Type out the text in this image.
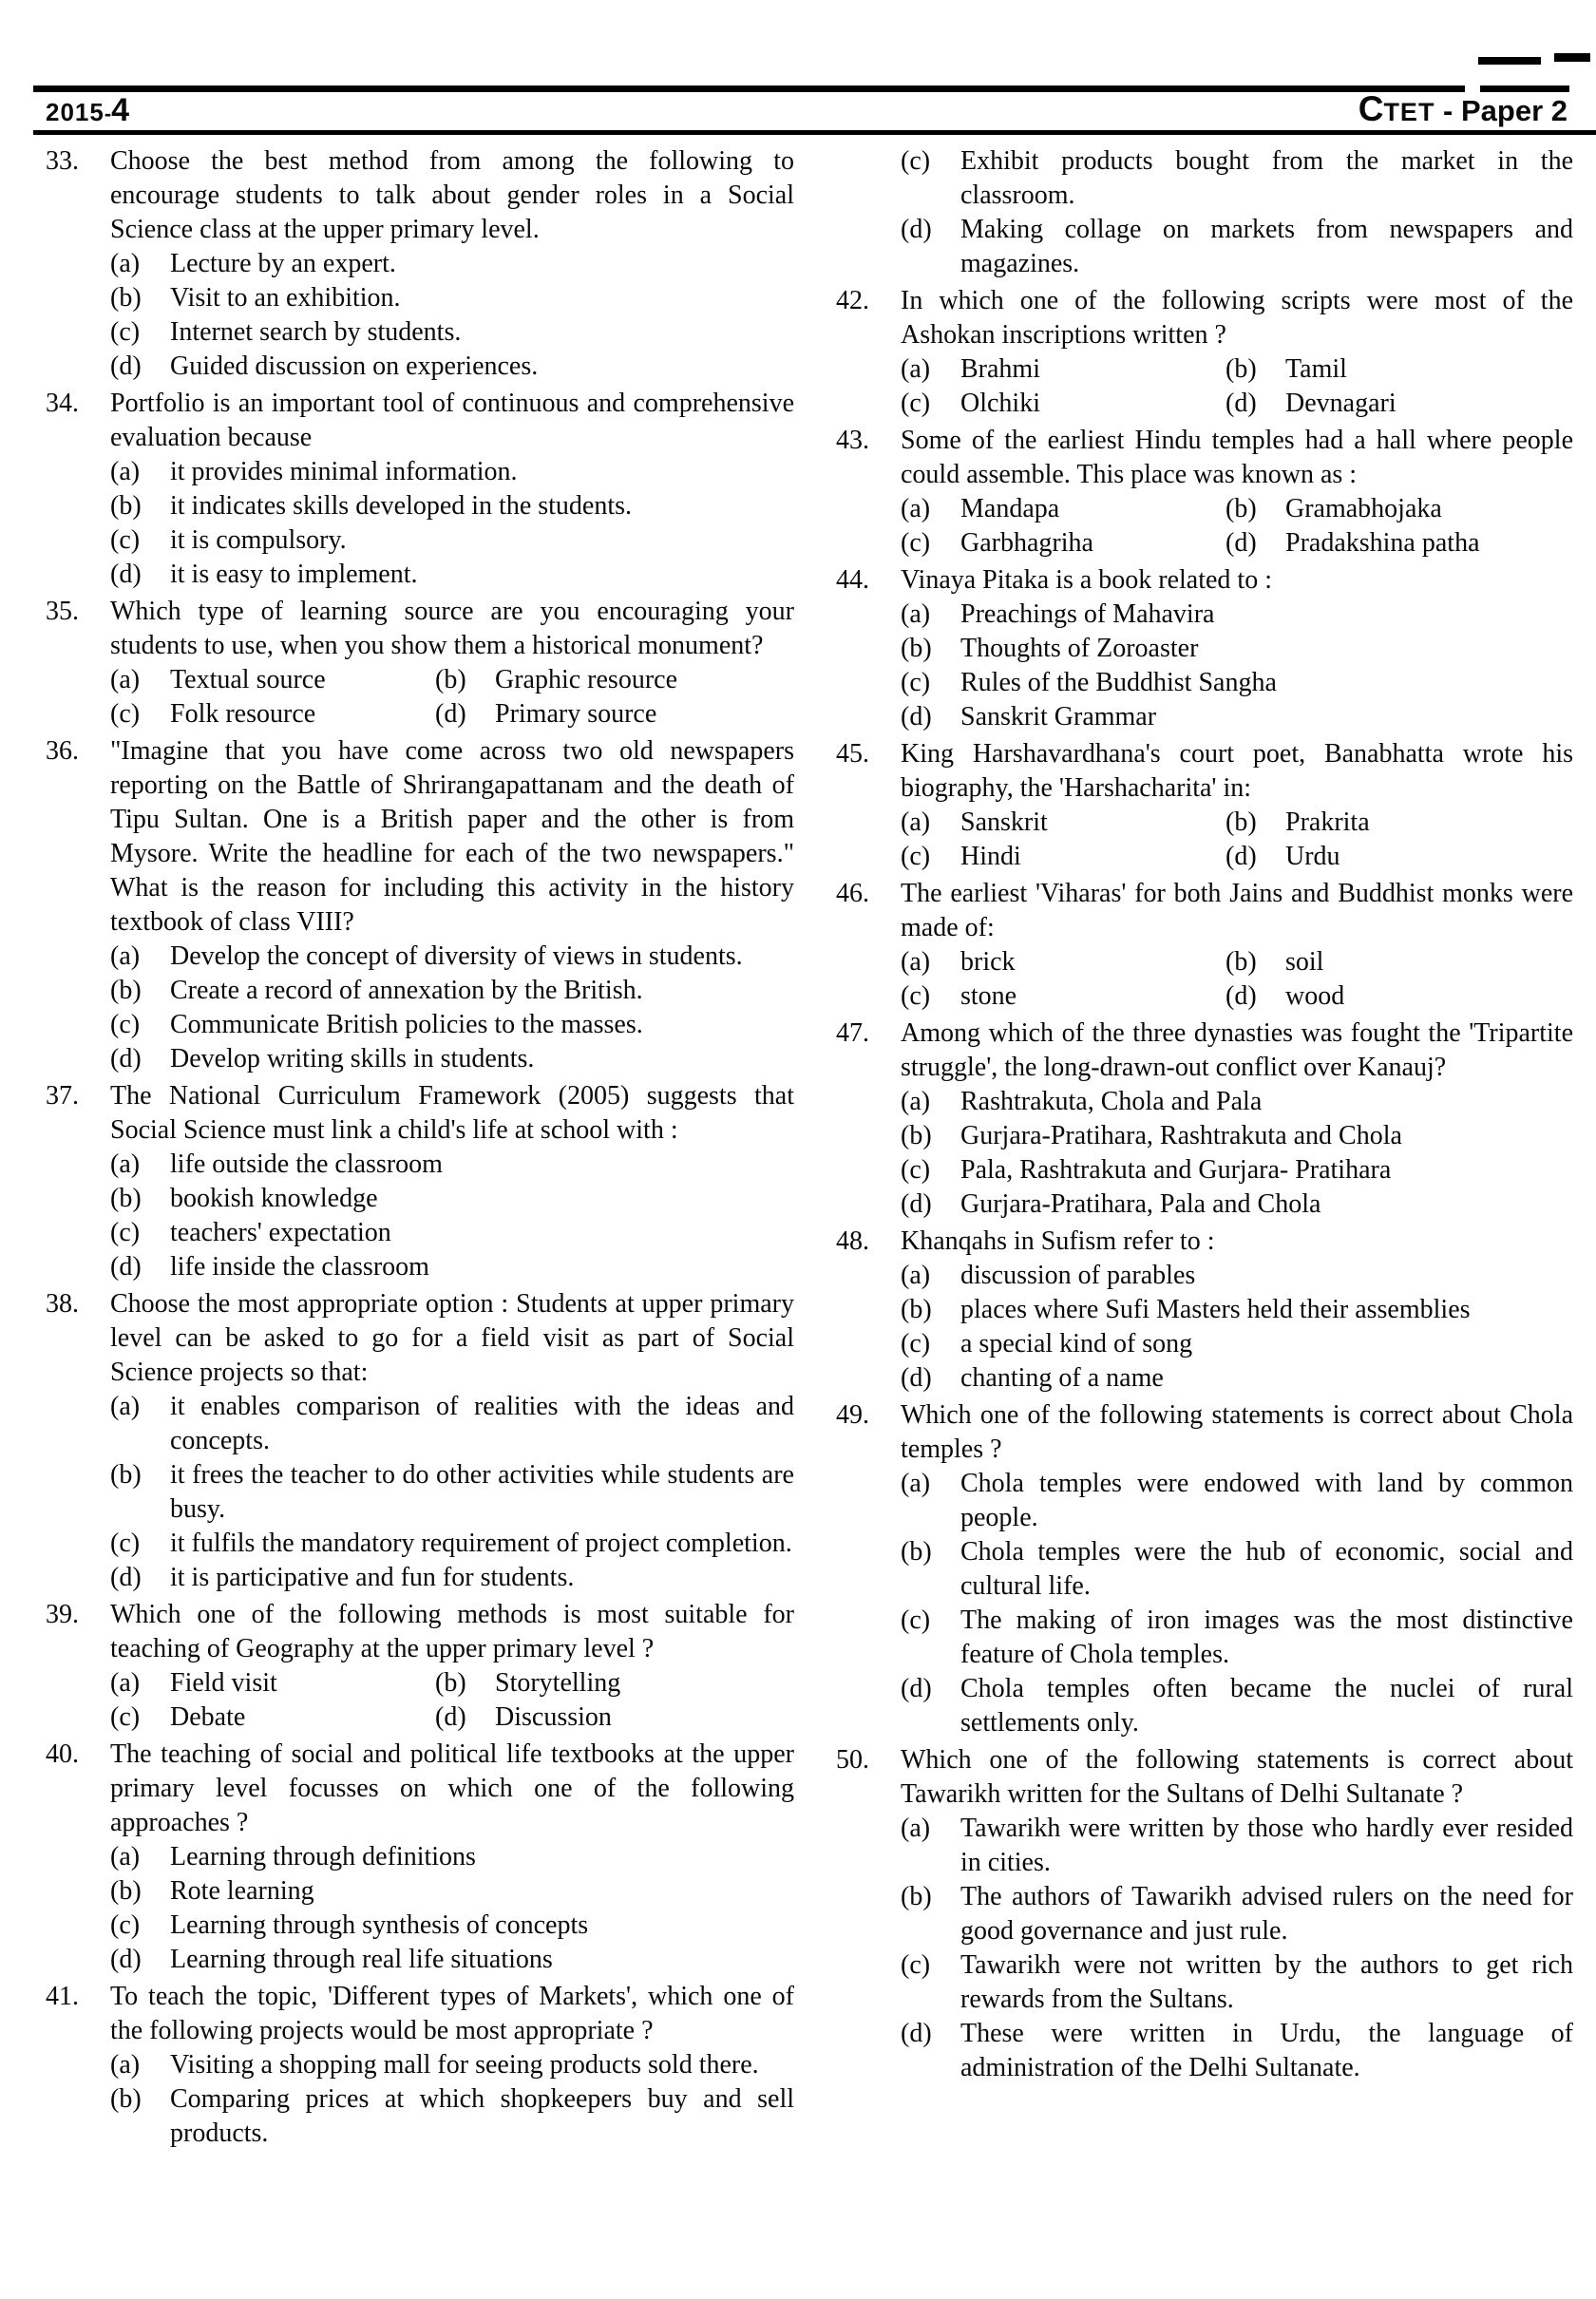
2015-4	CTET - Paper 2
33.	Choose the best method from among the following to encourage students to talk about gender roles in a Social Science class at the upper primary level.
(a)	Lecture by an expert.
(b)	Visit to an exhibition.
(c)	Internet search by students.
(d)	Guided discussion on experiences.
34.	Portfolio is an important tool of continuous and comprehensive evaluation because
(a)	it provides minimal information.
(b)	it indicates skills developed in the students.
(c)	it is compulsory.
(d)	it is easy to implement.
35.	Which type of learning source are you encouraging your students to use, when you show them a historical monument?
(a)	Textual source	(b)	Graphic resource
(c)	Folk resource	(d)	Primary source
36.	"Imagine that you have come across two old newspapers reporting on the Battle of Shrirangapattanam and the death of Tipu Sultan. One is a British paper and the other is from Mysore. Write the headline for each of the two newspapers." What is the reason for including this activity in the history textbook of class VIII?
(a)	Develop the concept of diversity of views in students.
(b)	Create a record of annexation by the British.
(c)	Communicate British policies to the masses.
(d)	Develop writing skills in students.
37.	The National Curriculum Framework (2005) suggests that Social Science must link a child's life at school with :
(a)	life outside the classroom
(b)	bookish knowledge
(c)	teachers' expectation
(d)	life inside the classroom
38.	Choose the most appropriate option : Students at upper primary level can be asked to go for a field visit as part of Social Science projects so that:
(a)	it enables comparison of realities with the ideas and concepts.
(b)	it frees the teacher to do other activities while students are busy.
(c)	it fulfils the mandatory requirement of project completion.
(d)	it is participative and fun for students.
39.	Which one of the following methods is most suitable for teaching of Geography at the upper primary level ?
(a)	Field visit	(b)	Storytelling
(c)	Debate	(d)	Discussion
40.	The teaching of social and political life textbooks at the upper primary level focusses on which one of the following approaches ?
(a)	Learning through definitions
(b)	Rote learning
(c)	Learning through synthesis of concepts
(d)	Learning through real life situations
41.	To teach the topic, 'Different types of Markets', which one of the following projects would be most appropriate ?
(a)	Visiting a shopping mall for seeing products sold there.
(b)	Comparing prices at which shopkeepers buy and sell products.
(c)	Exhibit products bought from the market in the classroom.
(d)	Making collage on markets from newspapers and magazines.
42.	In which one of the following scripts were most of the Ashokan inscriptions written ?
(a)	Brahmi	(b)	Tamil
(c)	Olchiki	(d)	Devnagari
43.	Some of the earliest Hindu temples had a hall where people could assemble. This place was known as :
(a)	Mandapa	(b)	Gramabhojaka
(c)	Garbhagriha	(d)	Pradakshina patha
44.	Vinaya Pitaka is a book related to :
(a)	Preachings of Mahavira
(b)	Thoughts of Zoroaster
(c)	Rules of the Buddhist Sangha
(d)	Sanskrit Grammar
45.	King Harshavardhana's court poet, Banabhatta wrote his biography, the 'Harshacharita' in:
(a)	Sanskrit	(b)	Prakrita
(c)	Hindi	(d)	Urdu
46.	The earliest 'Viharas' for both Jains and Buddhist monks were made of:
(a)	brick	(b)	soil
(c)	stone	(d)	wood
47.	Among which of the three dynasties was fought the 'Tripartite struggle', the long-drawn-out conflict over Kanauj?
(a)	Rashtrakuta, Chola and Pala
(b)	Gurjara-Pratihara, Rashtrakuta and Chola
(c)	Pala, Rashtrakuta and Gurjara- Pratihara
(d)	Gurjara-Pratihara, Pala and Chola
48.	Khanqahs in Sufism refer to :
(a)	discussion of parables
(b)	places where Sufi Masters held their assemblies
(c)	a special kind of song
(d)	chanting of a name
49.	Which one of the following statements is correct about Chola temples ?
(a)	Chola temples were endowed with land by common people.
(b)	Chola temples were the hub of economic, social and cultural life.
(c)	The making of iron images was the most distinctive feature of Chola temples.
(d)	Chola temples often became the nuclei of rural settlements only.
50.	Which one of the following statements is correct about Tawarikh written for the Sultans of Delhi Sultanate ?
(a)	Tawarikh were written by those who hardly ever resided in cities.
(b)	The authors of Tawarikh advised rulers on the need for good governance and just rule.
(c)	Tawarikh were not written by the authors to get rich rewards from the Sultans.
(d)	These were written in Urdu, the language of administration of the Delhi Sultanate.
